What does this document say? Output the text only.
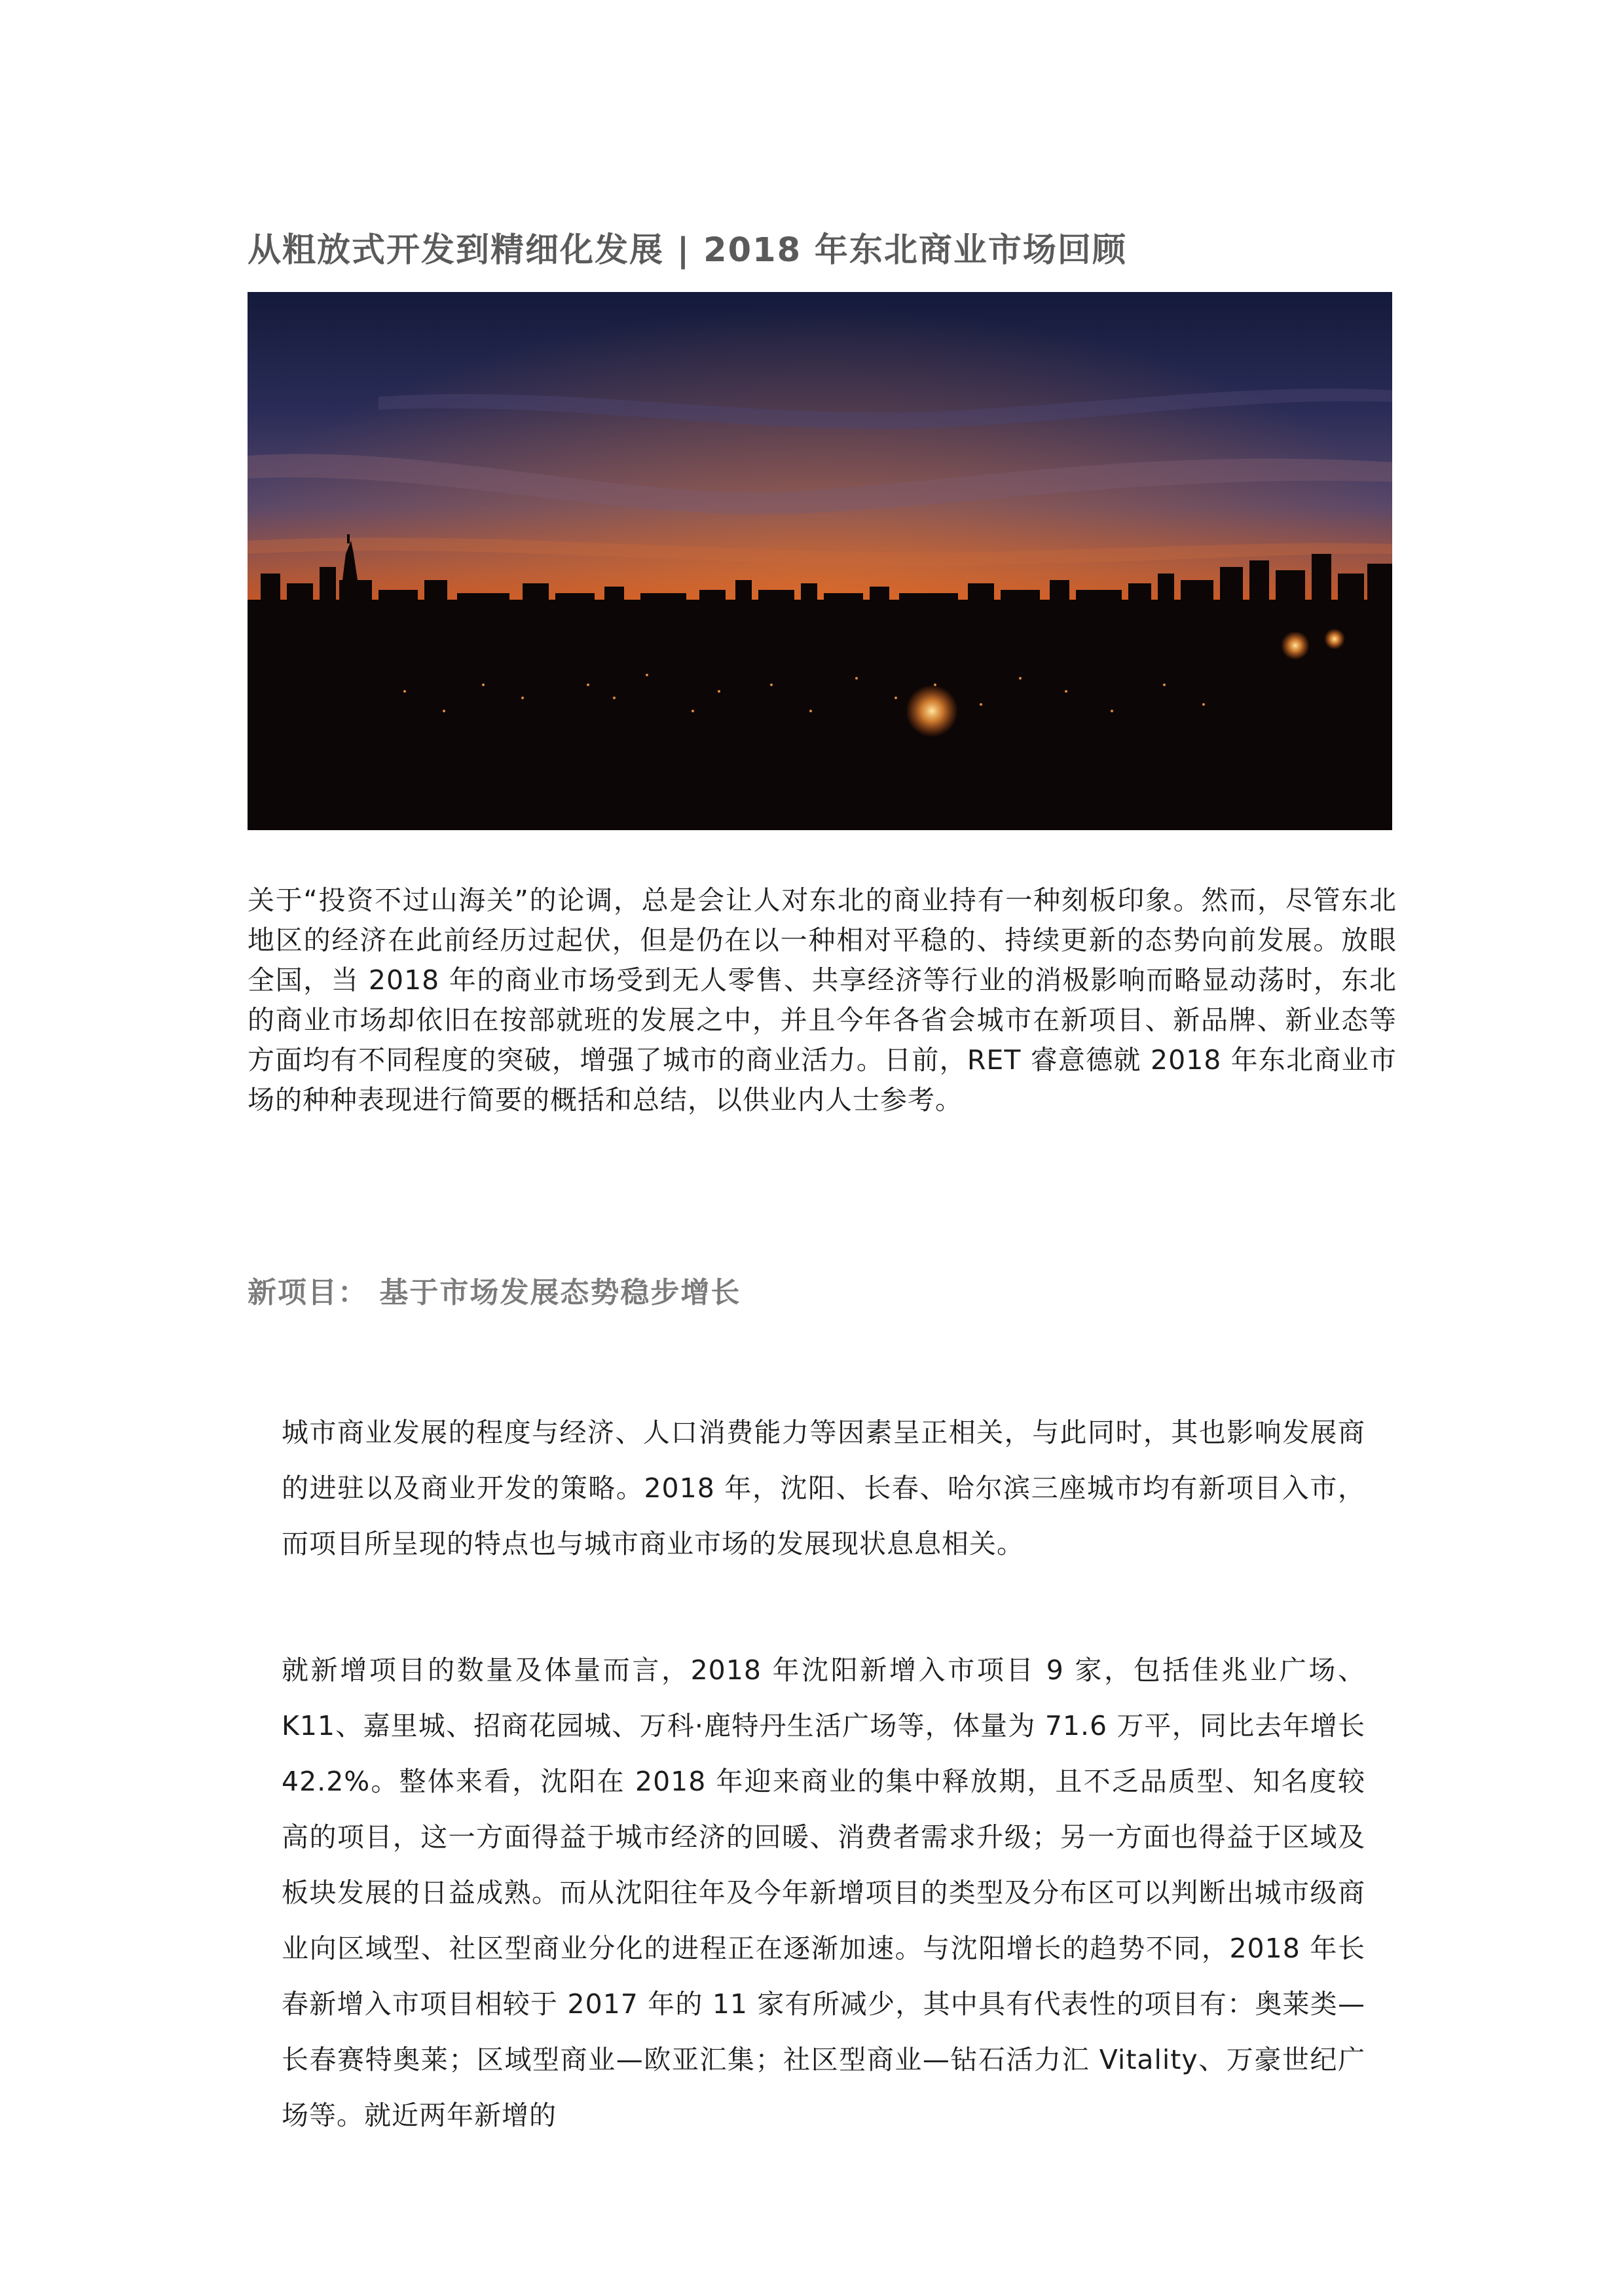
从粗放式开发到精细化发展 | 2018 年东北商业市场回顾

关于“投资不过山海关”的论调，总是会让人对东北的商业持有一种刻板印象。然而，尽管东北地区的经济在此前经历过起伏，但是仍在以一种相对平稳的、持续更新的态势向前发展。放眼全国，当 2018 年的商业市场受到无人零售、共享经济等行业的消极影响而略显动荡时，东北的商业市场却依旧在按部就班的发展之中，并且今年各省会城市在新项目、新品牌、新业态等方面均有不同程度的突破，增强了城市的商业活力。日前，RET 睿意德就 2018 年东北商业市场的种种表现进行简要的概括和总结，以供业内人士参考。

新项目： 基于市场发展态势稳步增长

城市商业发展的程度与经济、人口消费能力等因素呈正相关，与此同时，其也影响发展商的进驻以及商业开发的策略。2018 年，沈阳、长春、哈尔滨三座城市均有新项目入市，而项目所呈现的特点也与城市商业市场的发展现状息息相关。

就新增项目的数量及体量而言，2018 年沈阳新增入市项目 9 家，包括佳兆业广场、K11、嘉里城、招商花园城、万科·鹿特丹生活广场等，体量为 71.6 万平，同比去年增长 42.2%。整体来看，沈阳在 2018 年迎来商业的集中释放期，且不乏品质型、知名度较高的项目，这一方面得益于城市经济的回暖、消费者需求升级；另一方面也得益于区域及板块发展的日益成熟。而从沈阳往年及今年新增项目的类型及分布区可以判断出城市级商业向区域型、社区型商业分化的进程正在逐渐加速。与沈阳增长的趋势不同，2018 年长春新增入市项目相较于 2017 年的 11 家有所减少，其中具有代表性的项目有：奥莱类—长春赛特奥莱；区域型商业—欧亚汇集；社区型商业—钻石活力汇 Vitality、万豪世纪广场等。就近两年新增的
